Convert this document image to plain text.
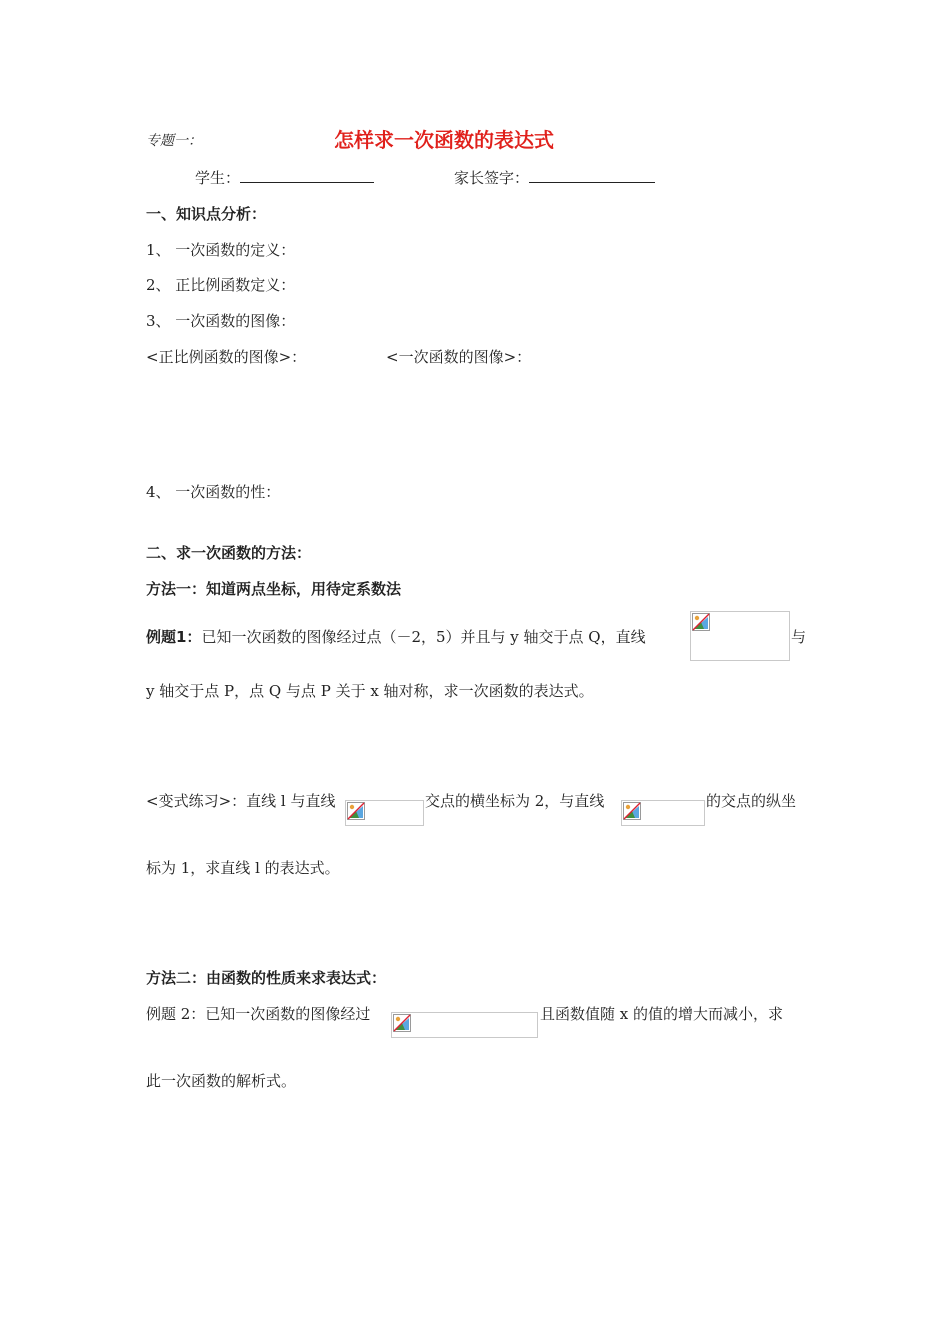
专题一：	怎样求一次函数的表达式
学生：	家长签字：
一、知识点分析：
1、 一次函数的定义：
2、 正比例函数定义：
3、 一次函数的图像：
<正比例函数的图像>：	<一次函数的图像>：
4、 一次函数的性：
二、求一次函数的方法：
方法一：知道两点坐标，用待定系数法
例题1：已知一次函数的图像经过点（－2，5）并且与 y 轴交于点 Q，直线	与
y 轴交于点 P，点 Q 与点 P 关于 x 轴对称，求一次函数的表达式。
<变式练习>：直线 l 与直线	交点的横坐标为 2，与直线	的交点的纵坐
标为 1，求直线 l 的表达式。
方法二：由函数的性质来求表达式：
例题 2：已知一次函数的图像经过	且函数值随 x 的值的增大而减小，求
此一次函数的解析式。
